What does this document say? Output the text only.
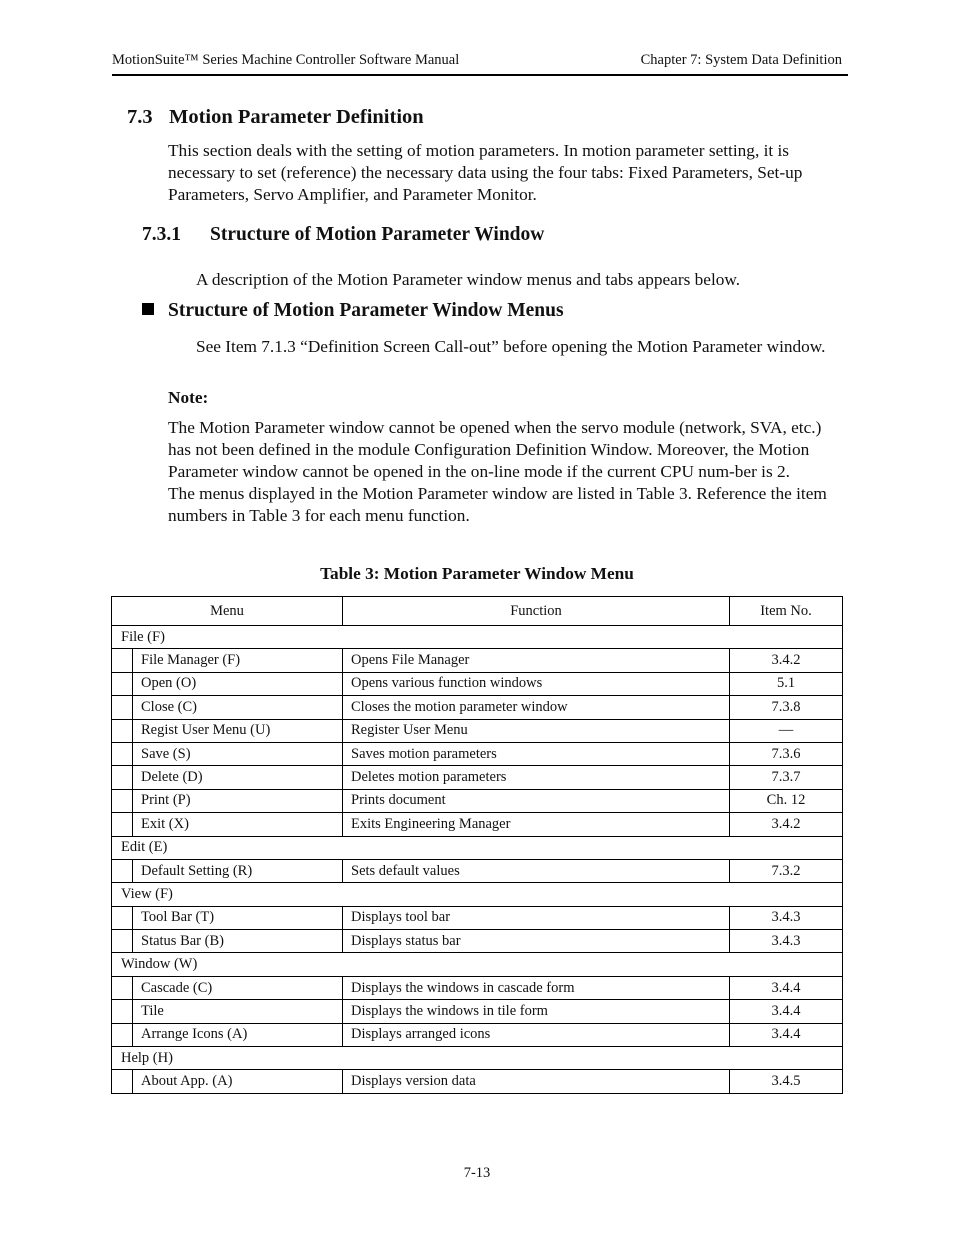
MotionSuite™ Series Machine Controller Software Manual	Chapter 7: System Data Definition
7.3 Motion Parameter Definition
This section deals with the setting of motion parameters. In motion parameter setting, it is necessary to set (reference) the necessary data using the four tabs: Fixed Parameters, Set-up Parameters, Servo Amplifier, and Parameter Monitor.
7.3.1 Structure of Motion Parameter Window
A description of the Motion Parameter window menus and tabs appears below.
Structure of Motion Parameter Window Menus
See Item 7.1.3 “Definition Screen Call-out” before opening the Motion Parameter window.
Note:
The Motion Parameter window cannot be opened when the servo module (network, SVA, etc.) has not been defined in the module Configuration Definition Window. Moreover, the Motion Parameter window cannot be opened in the on-line mode if the current CPU num-ber is 2.
The menus displayed in the Motion Parameter window are listed in Table 3. Reference the item numbers in Table 3 for each menu function.
Table 3: Motion Parameter Window Menu
Menu		Function	Item No.
File (F)			
	File Manager (F)	Opens File Manager	3.4.2
	Open (O)	Opens various function windows	5.1
	Close (C)	Closes the motion parameter window	7.3.8
	Regist User Menu (U)	Register User Menu	—
	Save (S)	Saves motion parameters	7.3.6
	Delete (D)	Deletes motion parameters	7.3.7
	Print (P)	Prints document	Ch. 12
	Exit (X)	Exits Engineering Manager	3.4.2
Edit (E)			
	Default Setting (R)	Sets default values	7.3.2
View (F)			
	Tool Bar (T)	Displays tool bar	3.4.3
	Status Bar (B)	Displays status bar	3.4.3
Window (W)			
	Cascade (C)	Displays the windows in cascade form	3.4.4
	Tile	Displays the windows in tile form	3.4.4
	Arrange Icons (A)	Displays arranged icons	3.4.4
Help (H)			
	About App. (A)	Displays version data	3.4.5
7-13
